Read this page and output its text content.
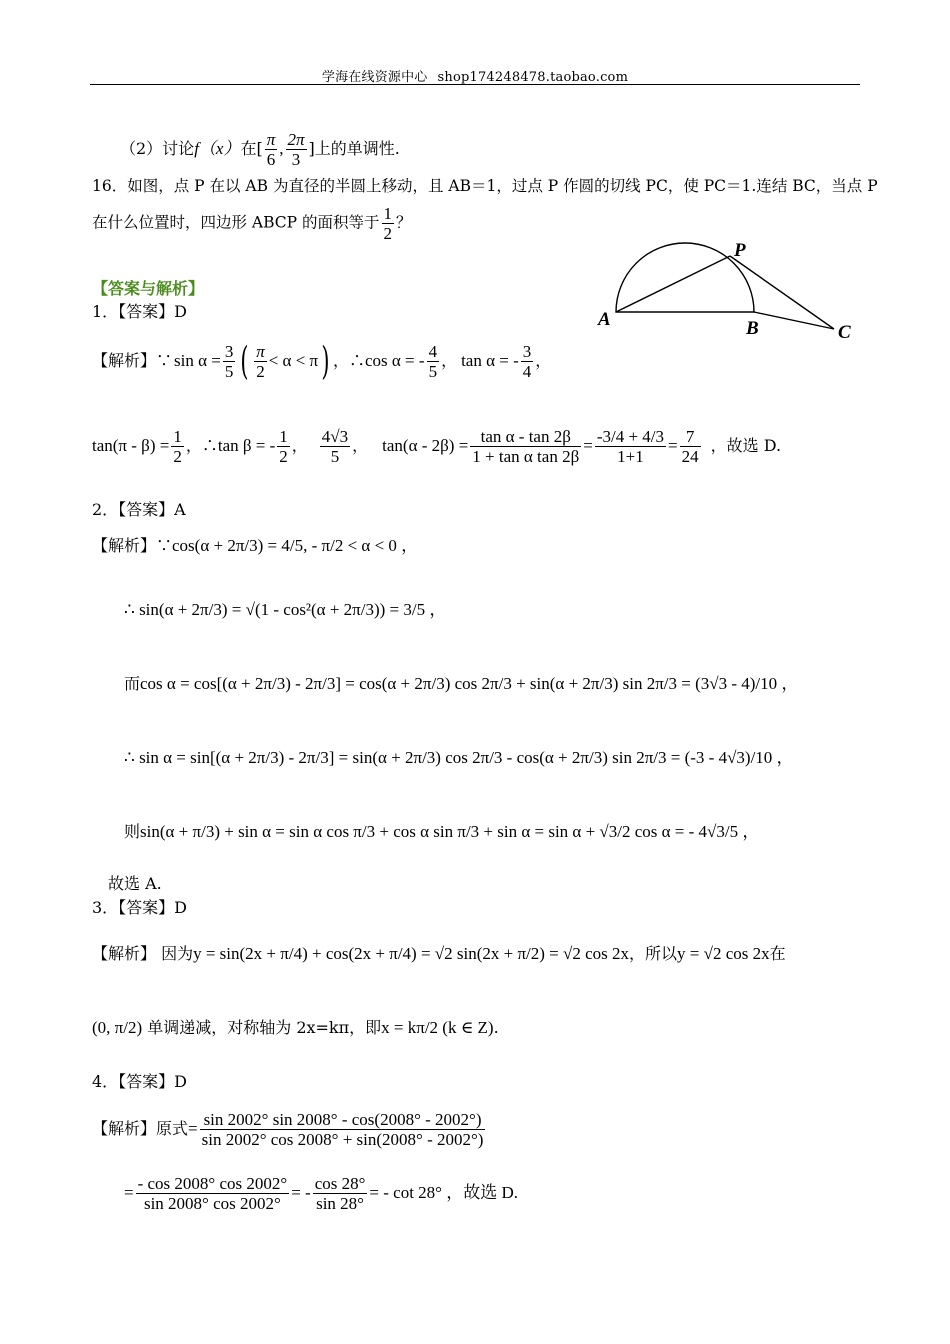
学海在线资源中心 shop174248478.taobao.com
（2）讨论f（x）在[ $\frac{\pi}{6}$ , $\frac{2\pi}{3}$ ]上的单调性.
16．如图，点 P 在以 AB 为直径的半圆上移动，且 AB＝1，过点 P 作圆的切线 PC，使 PC＝1.连结 BC，当点 P
在什么位置时，四边形 ABCP 的面积等于 $\frac{1}{2}$ ？
A	B	C
P
【答案与解析】
1．【答案】D
【解析】∵ $\sin \alpha = \frac{3}{5}$ ( $\frac{\pi}{2} < \alpha < \pi$ ) ，∴ cos α = - $\frac{4}{5}$ ， tan α = - $\frac{3}{4}$ ，
$\tan(\pi - \beta) = \frac{1}{2}$ ，∴ tan β = - $\frac{1}{2}$ ， $\frac{4√3}{5}$ ， $\tan(\alpha - 2\beta) = \frac{\text{tan α - tan 2β}}{\text{1 + tan α tan 2β}} = \frac{-3/4 + 4/3}{1+1} = \frac{7}{24}$ ，故选 D.
2．【答案】A
【解析】∵cos(α + 2π/3) = 4/5, - π/2 < α < 0 ，
∴ sin(α + 2π/3) = √(1 - cos²(α + 2π/3)) = 3/5 ，
而cos α = cos[(α + 2π/3) - 2π/3] = cos(α + 2π/3) cos 2π/3 + sin(α + 2π/3) sin 2π/3 = (3√3 - 4)/10 ，
∴ sin α = sin[(α + 2π/3) - 2π/3] = sin(α + 2π/3) cos 2π/3 - cos(α + 2π/3) sin 2π/3 = (-3 - 4√3)/10 ，
则sin(α + π/3) + sin α = sin α cos π/3 + cos α sin π/3 + sin α = sin α + √3/2 cos α = - 4√3/5 ，
故选 A.
3．【答案】D
【解析】 因为y = sin(2x + π/4) + cos(2x + π/4) = √2 sin(2x + π/2) = √2 cos 2x，所以y = √2 cos 2x在
(0, π/2) 单调递减，对称轴为 2x=kπ，即x = kπ/2 (k ∈ Z).
4．【答案】D
【解析】原式 = $\frac{\sin 2002^\circ \sin 2008^\circ - \cos(2008^\circ - 2002^\circ)}{\sin 2002^\circ \cos 2008^\circ + \sin(2008^\circ - 2002^\circ)}$
= $\frac{- \cos 2008^\circ \cos 2002^\circ}{\sin 2008^\circ \cos 2002^\circ}$ = - $\frac{\cos 28^\circ}{\sin 28^\circ}$ = - cot 28° ，故选 D.
